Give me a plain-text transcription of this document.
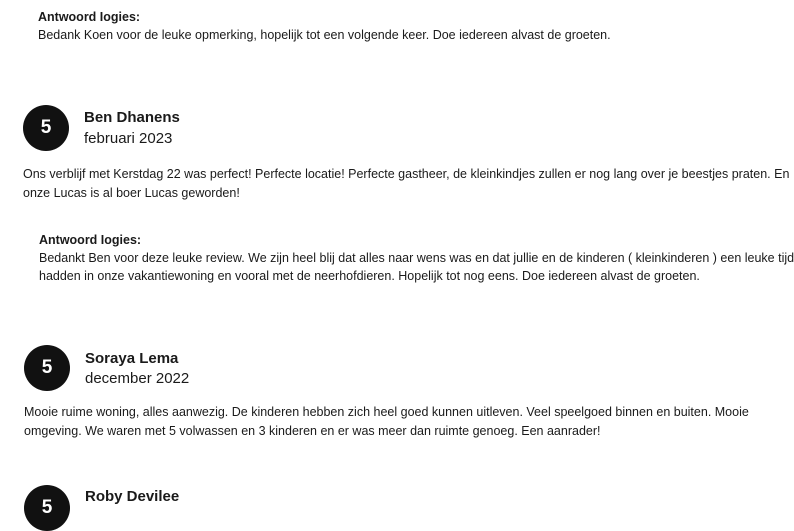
Antwoord Iogies:
Bedank Koen voor de leuke opmerking, hopelijk tot een volgende keer. Doe iedereen alvast de groeten.
5	Ben Dhanens
februari 2023
Ons verblijf met Kerstdag 22 was perfect! Perfecte locatie! Perfecte gastheer, de kleinkindjes zullen er nog lang over je beestjes praten. En
onze Lucas is al boer Lucas geworden!
Antwoord Iogies:
Bedankt Ben voor deze leuke review. We zijn heel blij dat alles naar wens was en dat jullie en de kinderen ( kleinkinderen ) een leuke tijd
hadden in onze vakantiewoning en vooral met de neerhofdieren. Hopelijk tot nog eens. Doe iedereen alvast de groeten.
5	Soraya Lema
december 2022
Mooie ruime woning, alles aanwezig. De kinderen hebben zich heel goed kunnen uitleven. Veel speelgoed binnen en buiten. Mooie
omgeving. We waren met 5 volwassen en 3 kinderen en er was meer dan ruimte genoeg. Een aanrader!
5
Roby Devilee
